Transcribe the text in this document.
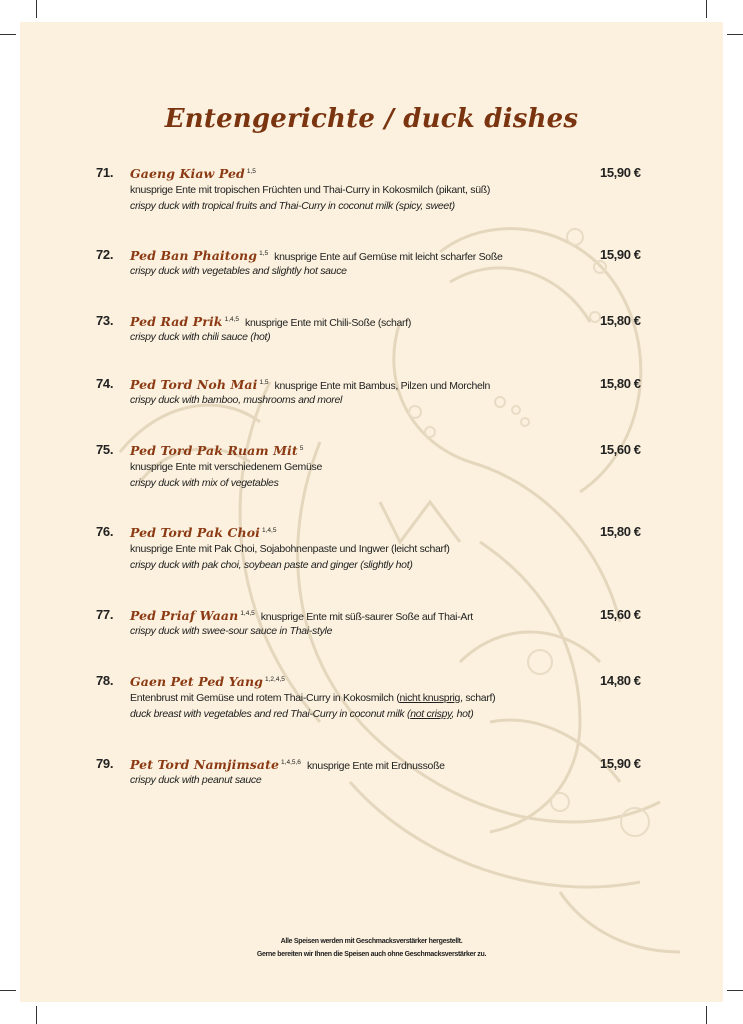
Entengerichte / duck dishes
71. Gaeng Kiaw Ped $^{1,5}$	15,90 €
knusprige Ente mit tropischen Früchten und Thai-Curry in Kokosmilch (pikant, süß)
crispy duck with tropical fruits and Thai-Curry in coconut milk (spicy, sweet)
72. Ped Ban Phaitong $^{1,5}$ knusprige Ente auf Gemüse mit leicht scharfer Soße	15,90 €
crispy duck with vegetables and slightly hot sauce
73. Ped Rad Prik $^{1,4,5}$ knusprige Ente mit Chili-Soße (scharf)	15,80 €
crispy duck with chili sauce (hot)
74. Ped Tord Noh Mai $^{1,5}$ knusprige Ente mit Bambus, Pilzen und Morcheln	15,80 €
crispy duck with bamboo, mushrooms and morel
75. Ped Tord Pak Ruam Mit $^5$	15,60 €
knusprige Ente mit verschiedenem Gemüse
crispy duck with mix of vegetables
76. Ped Tord Pak Choi $^{1,4,5}$	15,80 €
knusprige Ente mit Pak Choi, Sojabohnenpaste und Ingwer (leicht scharf)
crispy duck with pak choi, soybean paste and ginger (slightly hot)
77. Ped Priaf Waan $^{1,4,5}$ knusprige Ente mit süß-saurer Soße auf Thai-Art	15,60 €
crispy duck with swee-sour sauce in Thai-style
78. Gaen Pet Ped Yang $^{1,2,4,5}$	14,80 €
Entenbrust mit Gemüse und rotem Thai-Curry in Kokosmilch (nicht knusprig, scharf)
duck breast with vegetables and red Thai-Curry in coconut milk (not crispy, hot)
79. Pet Tord Namjimsate $^{1,4,5,6}$ knusprige Ente mit Erdnussoße	15,90 €
crispy duck with peanut sauce
Alle Speisen werden mit Geschmacksverstärker hergestellt.
Gerne bereiten wir Ihnen die Speisen auch ohne Geschmacksverstärker zu.
